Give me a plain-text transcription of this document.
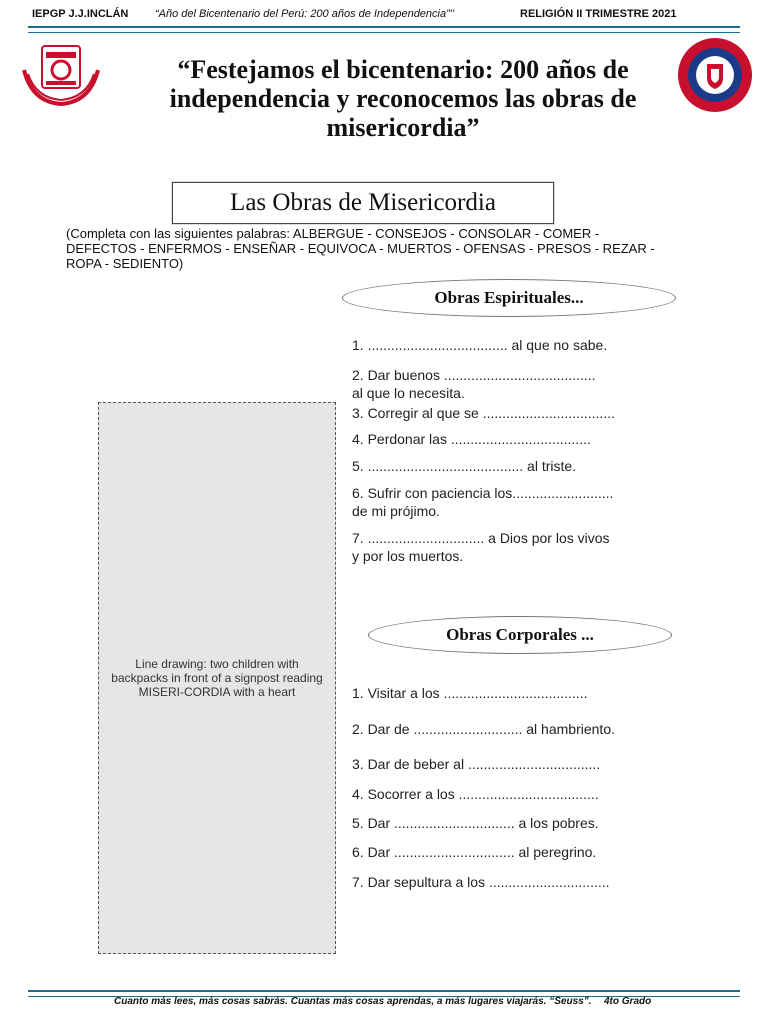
IEPGP J.J.INCLÁN “Año del Bicentenario del Perú: 200 años de Independencia”'’	RELIGIÓN II TRIMESTRE 2021
“Festejamos el bicentenario: 200 años de independencia y reconocemos las obras de misericordia”
Las Obras de Misericordia
(Completa con las siguientes palabras: ALBERGUE - CONSEJOS - CONSOLAR - COMER - DEFECTOS - ENFERMOS - ENSEÑAR - EQUIVOCA - MUERTOS - OFENSAS - PRESOS - REZAR - ROPA - SEDIENTO)
Obras Espirituales...
1. .................................... al que no sabe.
2. Dar buenos .......................................
al que lo necesita.
3. Corregir al que se ..................................
4. Perdonar las ....................................
5. ........................................ al triste.
6. Sufrir con paciencia los..........................
de mi prójimo.
7. .............................. a Dios por los vivos
y por los muertos.
Line drawing: two children with backpacks in front of a signpost reading MISERI-CORDIA with a heart
Obras Corporales ...
1. Visitar a los .....................................
2. Dar de ............................ al hambriento.
3. Dar de beber al ..................................
4. Socorrer a los ....................................
5. Dar ............................... a los pobres.
6. Dar ............................... al peregrino.
7. Dar sepultura a los ...............................
Cuanto más lees, más cosas sabrás. Cuantas más cosas aprendas, a más lugares viajarás. “Seuss”. 4to Grado
